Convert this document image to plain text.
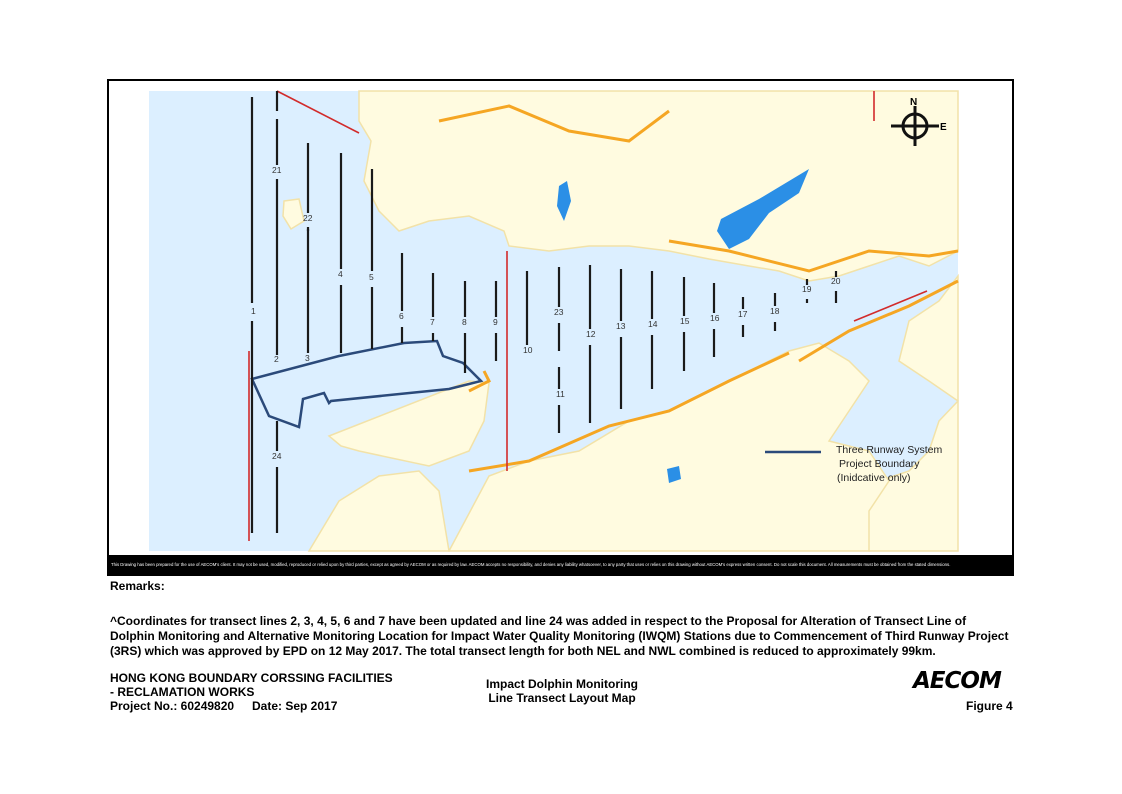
1
2	3
4	5
6
7	8	9
10
11
12
13	14	15 16 17	18
19
20
21
22
23
24
N
E
Three Runway System
Project Boundary
(Inidcative only)
This Drawing has been prepared for the use of AECOM's client. It may not be used, modified, reproduced or relied upon by third parties, except as agreed by AECOM or as required by law. AECOM accepts no responsibility, and denies any liability whatsoever, to any party that uses or relies on this drawing without AECOM's express written consent. Do not scale this document. All measurements must be obtained from the stated dimensions.
Remarks:
^Coordinates for transect lines 2, 3, 4, 5, 6 and 7 have been updated and line 24 was added in respect to the Proposal for Alteration of Transect Line of Dolphin Monitoring and Alternative Monitoring Location for Impact Water Quality Monitoring (IWQM) Stations due to Commencement of Third Runway Project (3RS) which was approved by EPD on 12 May 2017. The total transect length for both NEL and NWL combined is reduced to approximately 99km.
HONG KONG BOUNDARY CORSSING FACILITIES
- RECLAMATION WORKS
Project No.: 60249820 Date: Sep 2017
Impact Dolphin Monitoring
Line Transect Layout Map
AECOM
Figure 4
